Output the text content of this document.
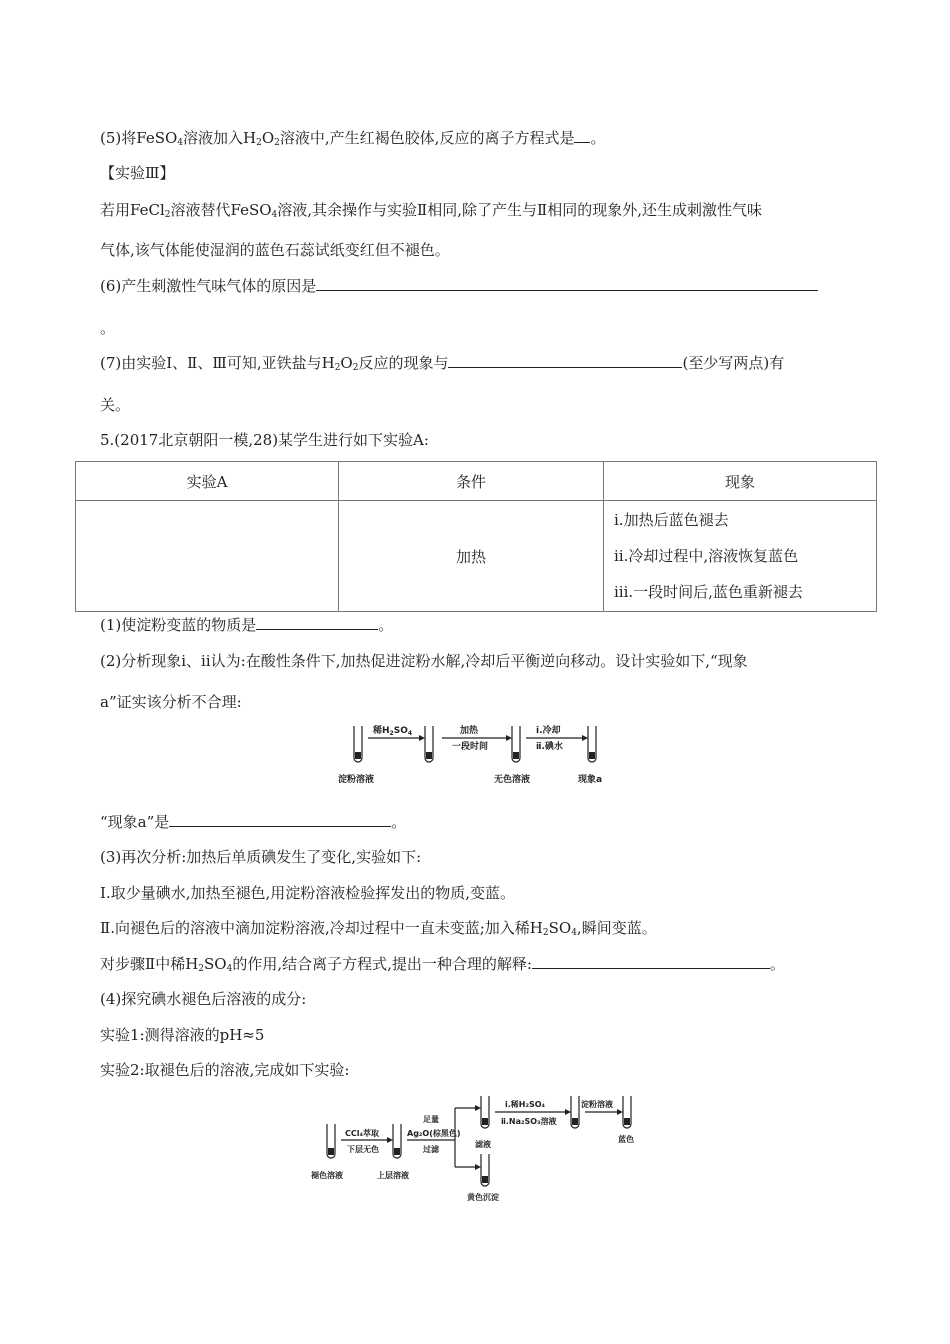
(5)将FeSO$_4$溶液加入$H_2O_2$溶液中,产生红褐色胶体,反应的离子方程式是 。
【实验Ⅲ】
若用FeCl$_2$溶液替代FeSO$_4$溶液,其余操作与实验Ⅱ相同,除了产生与Ⅱ相同的现象外,还生成刺激性气味
气体,该气体能使湿润的蓝色石蕊试纸变红但不褪色。
(6)产生刺激性气味气体的原因是
。
(7)由实验Ⅰ、Ⅱ、Ⅲ可知,亚铁盐与$H_2O_2$反应的现象与	(至少写两点)有
关。
5.(2017北京朝阳一模,28)某学生进行如下实验A:
实验A	条件	现象
	加热	ⅰ.加热后蓝色褪去
ⅱ.冷却过程中,溶液恢复蓝色
ⅲ.一段时间后,蓝色重新褪去
(1)使淀粉变蓝的物质是	。
(2)分析现象ⅰ、ⅱ认为:在酸性条件下,加热促进淀粉水解,冷却后平衡逆向移动。设计实验如下,“现象
a”证实该分析不合理:
稀$H_2SO_4$	加热
一段时间
ⅰ.冷却
ⅱ.碘水
淀粉溶液	无色溶液	现象a
“现象a”是	。
(3)再次分析:加热后单质碘发生了变化,实验如下:
Ⅰ.取少量碘水,加热至褪色,用淀粉溶液检验挥发出的物质,变蓝。
Ⅱ.向褪色后的溶液中滴加淀粉溶液,冷却过程中一直未变蓝;加入稀$H_2SO_4$,瞬间变蓝。
对步骤Ⅱ中稀$H_2SO_4$的作用,结合离子方程式,提出一种合理的解释:	。
(4)探究碘水褪色后溶液的成分:
实验1:测得溶液的pH≈5
实验2:取褪色后的溶液,完成如下实验:
CCl₄萃取
下层无色
足量
Ag₂O(棕黑色)
过滤
ⅰ.稀H₂SO₄
ⅱ.Na₂SO₃溶液
淀粉溶液
褪色溶液	上层溶液
滤液
黄色沉淀
蓝色
